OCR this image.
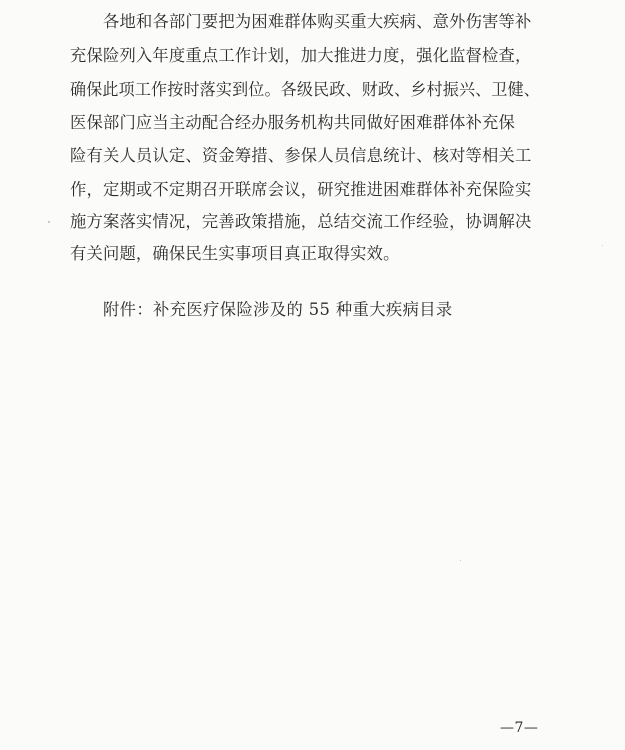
各地和各部门要把为困难群体购买重大疾病、意外伤害等补
充保险列入年度重点工作计划，加大推进力度，强化监督检查，
确保此项工作按时落实到位。各级民政、财政、乡村振兴、卫健、
医保部门应当主动配合经办服务机构共同做好困难群体补充保
险有关人员认定、资金筹措、参保人员信息统计、核对等相关工
作，定期或不定期召开联席会议，研究推进困难群体补充保险实
施方案落实情况，完善政策措施，总结交流工作经验，协调解决
有关问题，确保民生实事项目真正取得实效。
附件：补充医疗保险涉及的 55 种重大疾病目录
—7—
